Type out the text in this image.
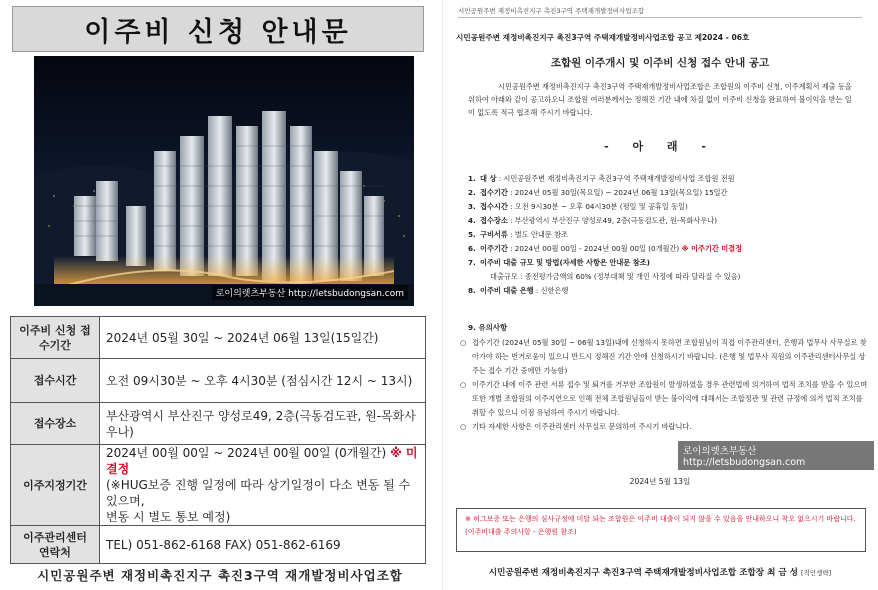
이주비 신청 안내문
로이의렛츠부동산 http://letsbudongsan.com
이주비 신청 접수기간	2024년 05월 30일 ~ 2024년 06월 13일(15일간)
접수시간	오전 09시30분 ~ 오후 4시30분 (점심시간 12시 ~ 13시)
접수장소	부산광역시 부산진구 양성로49, 2층(극동검도관, 원-목화사우나)
이주지정기간	2024년 00월 00일 ~ 2024년 00월 00일 (0개월간) ※ 미결정
(※HUG보증 진행 일정에 따라 상기일정이 다소 변동 될 수 있으며,
변동 시 별도 통보 예정)
이주관리센터 연락처	TEL) 051-862-6168 FAX) 051-862-6169
시민공원주변 재정비촉진지구 촉진3구역 재개발정비사업조합
시민공원주변 재정비촉진지구 촉진3구역 주택재개발정비사업조합
시민공원주변 재정비촉진지구 촉진3구역 주택재개발정비사업조합 공고 제2024 - 06호
조합원 이주개시 및 이주비 신청 접수 안내 공고
시민공원주변 재정비촉진지구 촉진3구역 주택재개발정비사업조합은 조합원의 이주비 신청, 이주계획서 제출 등을 위하여 아래와 같이 공고하오니 조합원 여러분께서는 정해진 기간 내에 차질 없이 이주비 신청을 완료하여 불이익을 받는 일이 없도록 적극 협조해 주시기 바랍니다.
- 아 래 -
1. 대 상 : 시민공원주변 재정비촉진지구 촉진3구역 주택재개발정비사업 조합원 전원
2. 접수기간 : 2024년 05월 30일(목요일) ~ 2024년 06월 13일(목요일) 15일간
3. 접수시간 : 오전 9시30분 ~ 오후 04시30분 (평일 및 공휴일 동일)
4. 접수장소 : 부산광역시 부산진구 양성로49, 2층(극동검도관, 원-목화사우나)
5. 구비서류 : 별도 안내문 참조
6. 이주기간 : 2024년 00월 00일 - 2024년 00월 00일 (0개월간) ※ 이주기간 미결정
7. 이주비 대출 규모 및 방법(자세한 사항은 안내문 참조)
대출규모 : 종전평가금액의 60% (정부대책 및 개인 사정에 따라 달라질 수 있음)
8. 이주비 대출 은행 : 신한은행
9. 유의사항
○ 접수기간 (2024년 05월 30일 ~ 06월 13일)내에 신청하지 못하면 조합원님이 직접 이주관리센터, 은행과 법무사 사무실로 찾아가야 하는 번거로움이 있으니 반드시 정해진 기간 안에 신청하시기 바랍니다. (은행 및 법무사 직원의 이주관리센터사무실 상주는 접수 기간 중에만 가능함)
○ 이주기간 내에 이주 관련 서류 접수 및 퇴거를 거부한 조합원이 발생하였을 경우 관련법에 의거하여 법적 조치를 받을 수 있으며 또한 개별 조합원의 이주지연으로 인해 전체 조합원님들이 받는 불이익에 대해서는 조합정관 및 관련 규정에 의거 법적 조치를 취할 수 있으니 이점 유념하여 주시기 바랍니다.
○ 기타 자세한 사항은 이주관리센터 사무실로 문의하여 주시기 바랍니다.
로이의렛츠부동산 http://letsbudongsan.com
2024년 5월 13일
※ 허그보증 또는 은행의 심사규정에 미달 되는 조합원은 이주비 대출이 되지 않을 수 있음을 안내하오니 착오 없으시기 바랍니다.(이주비대출 주의사항 - 은행원 참조)
시민공원주변 재정비촉진지구 촉진3구역 주택재개발정비사업조합 조합장 최 금 성 [직인생략]
